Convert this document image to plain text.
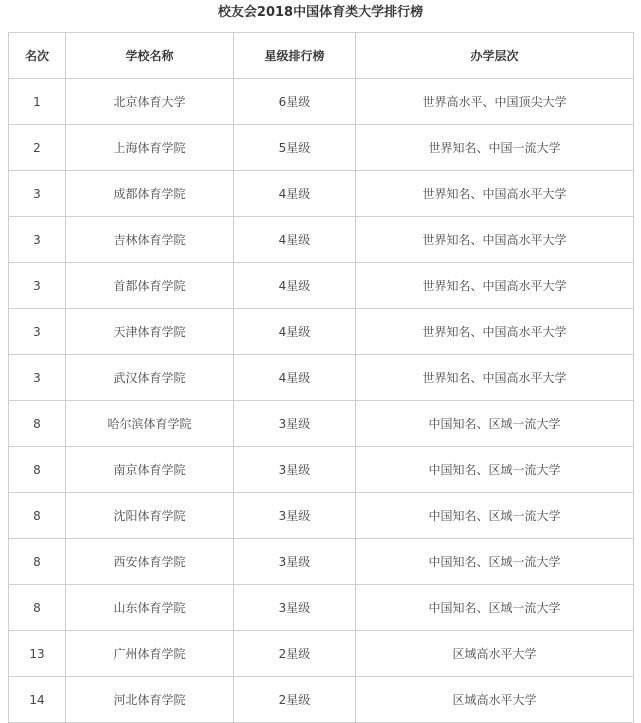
校友会2018中国体育类大学排行榜
名次	学校名称	星级排行榜	办学层次
1	北京体育大学	6星级	世界高水平、中国顶尖大学
2	上海体育学院	5星级	世界知名、中国一流大学
3	成都体育学院	4星级	世界知名、中国高水平大学
3	吉林体育学院	4星级	世界知名、中国高水平大学
3	首都体育学院	4星级	世界知名、中国高水平大学
3	天津体育学院	4星级	世界知名、中国高水平大学
3	武汉体育学院	4星级	世界知名、中国高水平大学
8	哈尔滨体育学院	3星级	中国知名、区域一流大学
8	南京体育学院	3星级	中国知名、区域一流大学
8	沈阳体育学院	3星级	中国知名、区域一流大学
8	西安体育学院	3星级	中国知名、区域一流大学
8	山东体育学院	3星级	中国知名、区域一流大学
13	广州体育学院	2星级	区域高水平大学
14	河北体育学院	2星级	区域高水平大学
